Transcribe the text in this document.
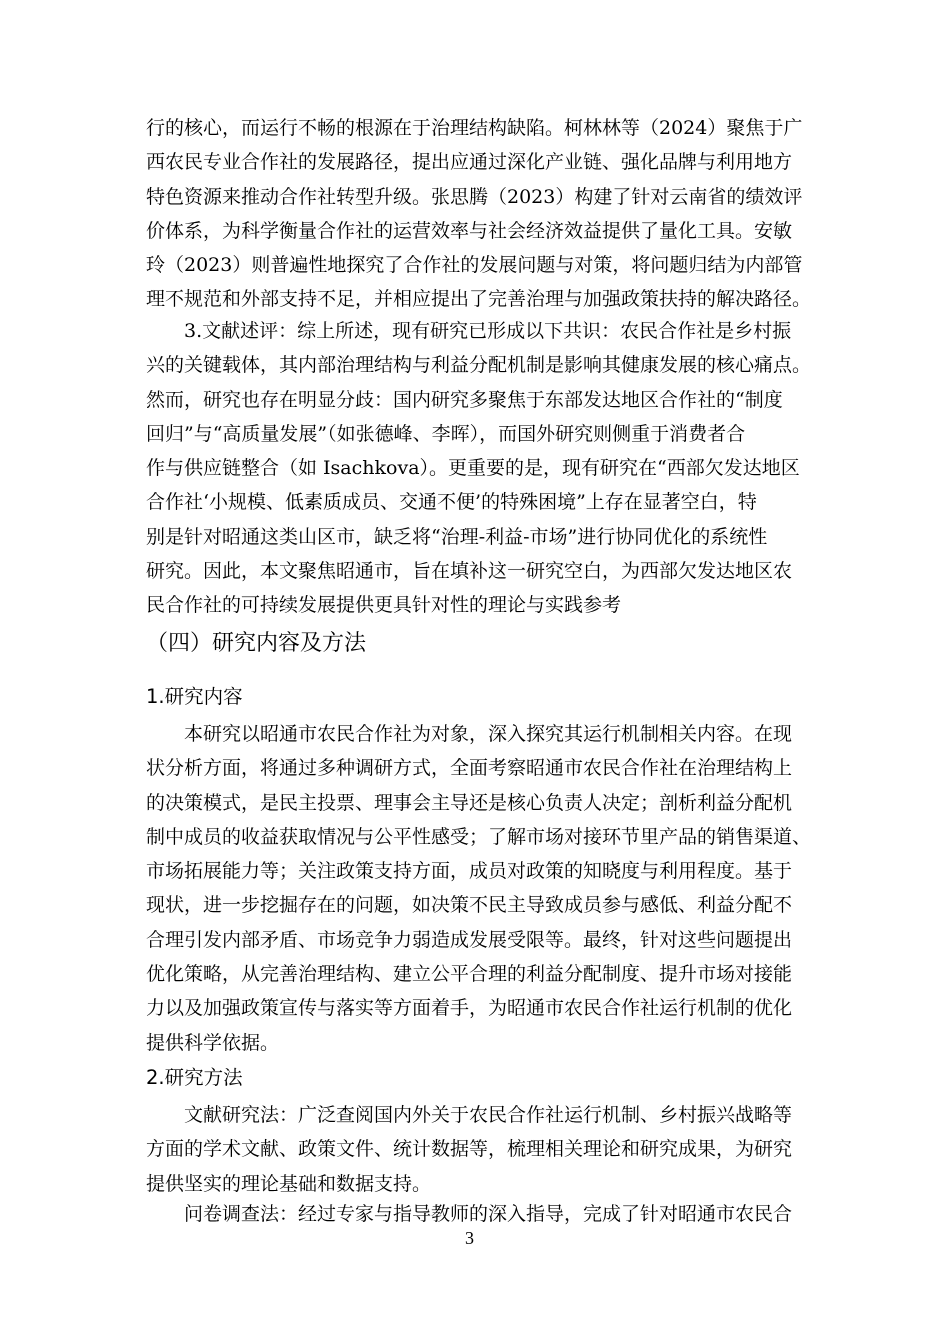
行的核心，而运行不畅的根源在于治理结构缺陷。柯林林等（2024）聚焦于广
西农民专业合作社的发展路径，提出应通过深化产业链、强化品牌与利用地方
特色资源来推动合作社转型升级。张思腾（2023）构建了针对云南省的绩效评
价体系，为科学衡量合作社的运营效率与社会经济效益提供了量化工具。安敏
玲（2023）则普遍性地探究了合作社的发展问题与对策，将问题归结为内部管
理不规范和外部支持不足，并相应提出了完善治理与加强政策扶持的解决路径。
3.文献述评：综上所述，现有研究已形成以下共识：农民合作社是乡村振
兴的关键载体，其内部治理结构与利益分配机制是影响其健康发展的核心痛点。
然而，研究也存在明显分歧：国内研究多聚焦于东部发达地区合作社的“制度
回归”与“高质量发展”（如张德峰、李晖），而国外研究则侧重于消费者合
作与供应链整合（如 Isachkova）。更重要的是，现有研究在“西部欠发达地区
合作社‘小规模、低素质成员、交通不便’的特殊困境”上存在显著空白，特
别是针对昭通这类山区市，缺乏将“治理-利益-市场”进行协同优化的系统性
研究。因此，本文聚焦昭通市，旨在填补这一研究空白，为西部欠发达地区农
民合作社的可持续发展提供更具针对性的理论与实践参考
（四）研究内容及方法
1.研究内容
本研究以昭通市农民合作社为对象，深入探究其运行机制相关内容。在现
状分析方面，将通过多种调研方式，全面考察昭通市农民合作社在治理结构上
的决策模式，是民主投票、理事会主导还是核心负责人决定；剖析利益分配机
制中成员的收益获取情况与公平性感受；了解市场对接环节里产品的销售渠道、
市场拓展能力等；关注政策支持方面，成员对政策的知晓度与利用程度。基于
现状，进一步挖掘存在的问题，如决策不民主导致成员参与感低、利益分配不
合理引发内部矛盾、市场竞争力弱造成发展受限等。最终，针对这些问题提出
优化策略，从完善治理结构、建立公平合理的利益分配制度、提升市场对接能
力以及加强政策宣传与落实等方面着手，为昭通市农民合作社运行机制的优化
提供科学依据。
2.研究方法
文献研究法：广泛查阅国内外关于农民合作社运行机制、乡村振兴战略等
方面的学术文献、政策文件、统计数据等，梳理相关理论和研究成果，为研究
提供坚实的理论基础和数据支持。
问卷调查法：经过专家与指导教师的深入指导，完成了针对昭通市农民合
3
